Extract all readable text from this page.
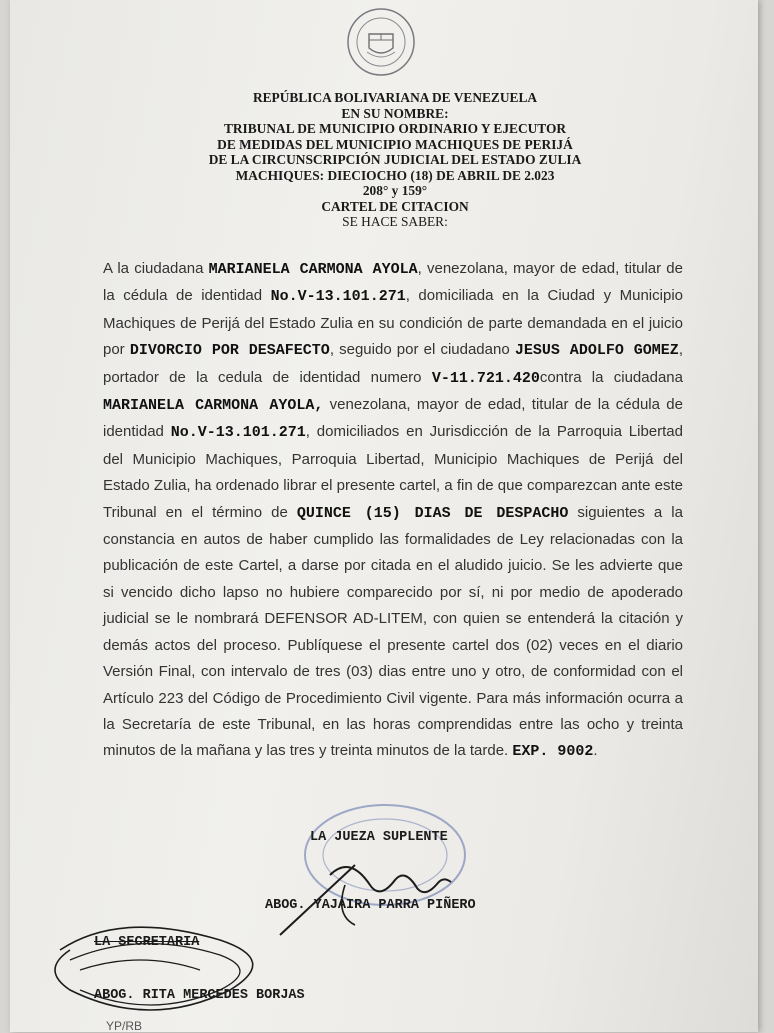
REPÚBLICA BOLIVARIANA DE VENEZUELA
EN SU NOMBRE:
TRIBUNAL DE MUNICIPIO ORDINARIO Y EJECUTOR
DE MEDIDAS DEL MUNICIPIO MACHIQUES DE PERIJÁ
DE LA CIRCUNSCRIPCIÓN JUDICIAL DEL ESTADO ZULIA
MACHIQUES: DIECIOCHO (18) DE ABRIL DE 2.023
208° y 159°
CARTEL DE CITACION
SE HACE SABER:
A la ciudadana MARIANELA CARMONA AYOLA, venezolana, mayor de edad, titular de la cédula de identidad No.V-13.101.271, domiciliada en la Ciudad y Municipio Machiques de Perijá del Estado Zulia en su condición de parte demandada en el juicio por DIVORCIO POR DESAFECTO, seguido por el ciudadano JESUS ADOLFO GOMEZ, portador de la cedula de identidad numero V-11.721.420contra la ciudadana MARIANELA CARMONA AYOLA, venezolana, mayor de edad, titular de la cédula de identidad No.V-13.101.271, domiciliados en Jurisdicción de la Parroquia Libertad del Municipio Machiques, Parroquia Libertad, Municipio Machiques de Perijá del Estado Zulia, ha ordenado librar el presente cartel, a fin de que comparezcan ante este Tribunal en el término de QUINCE (15) DIAS DE DESPACHO siguientes a la constancia en autos de haber cumplido las formalidades de Ley relacionadas con la publicación de este Cartel, a darse por citada en el aludido juicio. Se les advierte que si vencido dicho lapso no hubiere comparecido por sí, ni por medio de apoderado judicial se le nombrará DEFENSOR AD-LITEM, con quien se entenderá la citación y demás actos del proceso. Publíquese el presente cartel dos (02) veces en el diario Versión Final, con intervalo de tres (03) dias entre uno y otro, de conformidad con el Artículo 223 del Código de Procedimiento Civil vigente. Para más información ocurra a la Secretaría de este Tribunal, en las horas comprendidas entre las ocho y treinta minutos de la mañana y las tres y treinta minutos de la tarde. EXP. 9002.
LA JUEZA SUPLENTE
ABOG. YAJAIRA PARRA PIÑERO
LA SECRETARIA
ABOG. RITA MERCEDES BORJAS
YP/RB
